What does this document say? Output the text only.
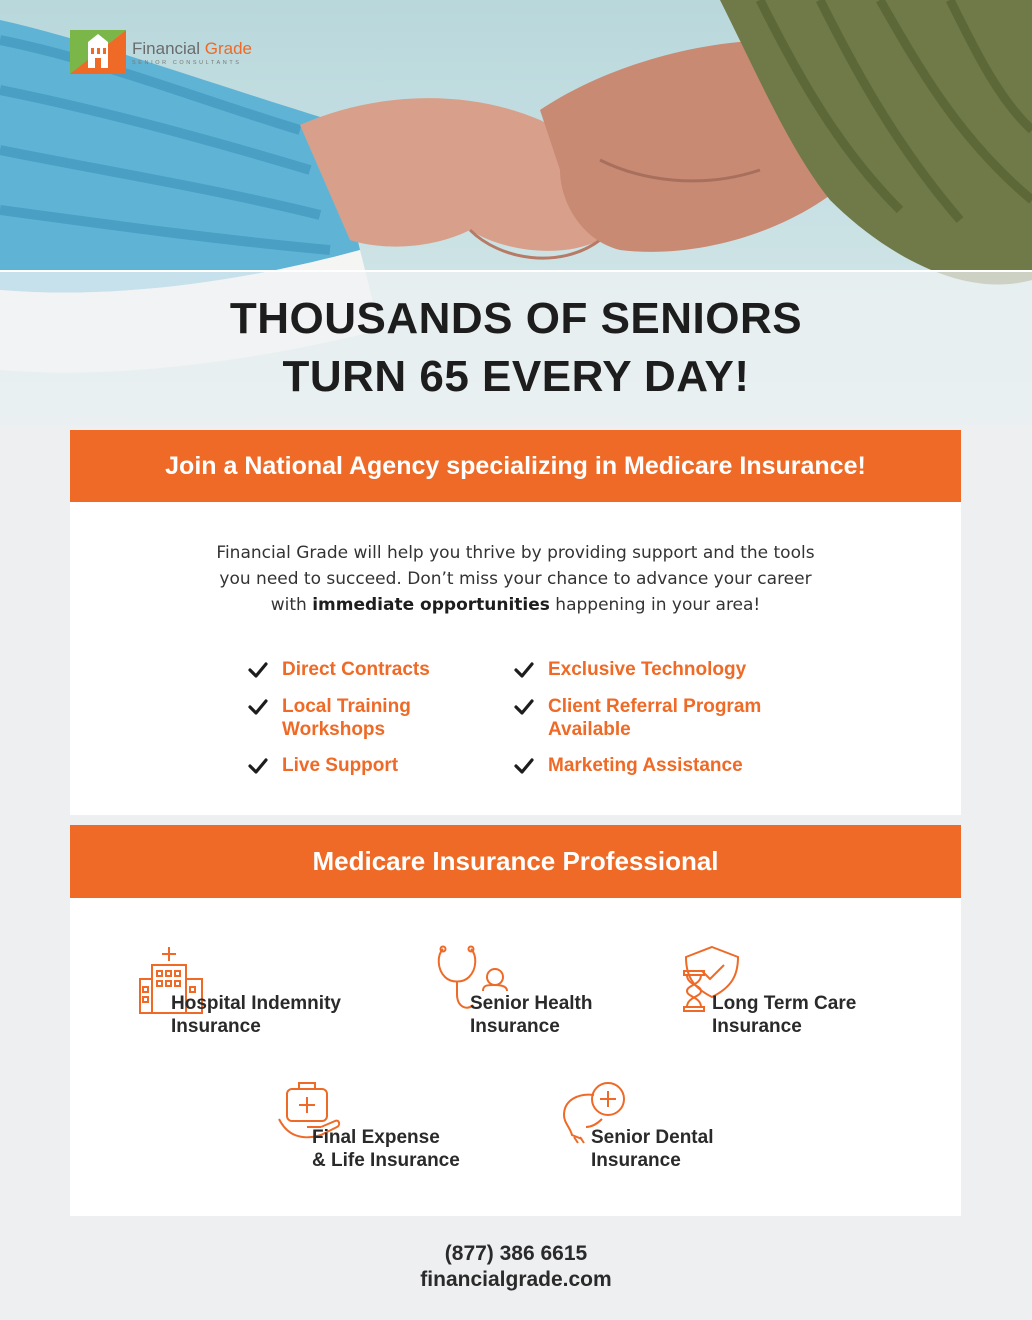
Financial Grade
SENIOR CONSULTANTS
THOUSANDS OF SENIORS
TURN 65 EVERY DAY!
Join a National Agency specializing in Medicare Insurance!
Financial Grade will help you thrive by providing support and the tools
you need to succeed. Don’t miss your chance to advance your career
with immediate opportunities happening in your area!
Direct Contracts	Exclusive Technology
Local Training
Workshops
Client Referral Program
Available
Live Support	Marketing Assistance
Medicare Insurance Professional
Hospital Indemnity
Insurance
Senior Health
Insurance
Long Term Care
Insurance
Final Expense
& Life Insurance
Senior Dental
Insurance
(877) 386 6615
financialgrade.com
